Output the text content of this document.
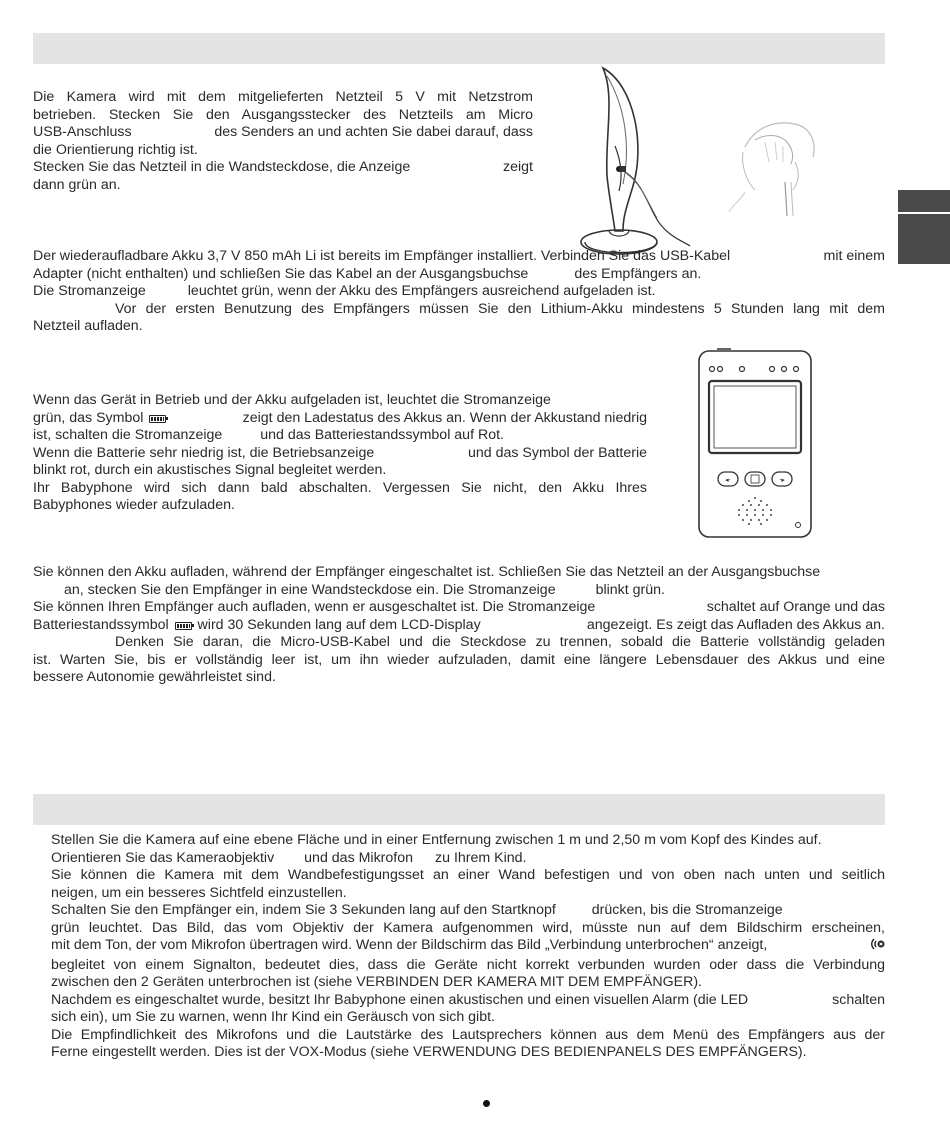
Die Kamera wird mit dem mitgelieferten Netzteil 5 V mit Netzstrom

betrieben. Stecken Sie den Ausgangsstecker des Netzteils am Micro

USB-Anschluss	des Senders an und achten Sie dabei darauf, dass

die Orientierung richtig ist.

Stecken Sie das Netzteil in die Wandsteckdose, die Anzeige	zeigt

dann grün an.

Der wiederaufladbare Akku 3,7 V 850 mAh Li ist bereits im Empfänger installiert. Verbinden Sie das USB-Kabel	mit einem

Adapter (nicht enthalten) und schließen Sie das Kabel an der Ausgangsbuchse	des Empfängers an.

Die Stromanzeige	leuchtet grün, wenn der Akku des Empfängers ausreichend aufgeladen ist.

Vor der ersten Benutzung des Empfängers müssen Sie den Lithium-Akku mindestens 5 Stunden lang mit dem

Netzteil aufladen.

Wenn das Gerät in Betrieb und der Akku aufgeladen ist, leuchtet die Stromanzeige

grün, das Symbol	zeigt den Ladestatus des Akkus an. Wenn der Akkustand niedrig

ist, schalten die Stromanzeige	und das Batteriestandssymbol auf Rot.

Wenn die Batterie sehr niedrig ist, die Betriebsanzeige	und das Symbol der Batterie

blinkt rot, durch ein akustisches Signal begleitet werden.

Ihr Babyphone wird sich dann bald abschalten. Vergessen Sie nicht, den Akku Ihres

Babyphones wieder aufzuladen.

◂·	·▸

Sie können den Akku aufladen, während der Empfänger eingeschaltet ist. Schließen Sie das Netzteil an der Ausgangsbuchse

an, stecken Sie den Empfänger in eine Wandsteckdose ein. Die Stromanzeige	blinkt grün.

Sie können Ihren Empfänger auch aufladen, wenn er ausgeschaltet ist. Die Stromanzeige	schaltet auf Orange und das

Batteriestandssymbol wird 30 Sekunden lang auf dem LCD-Display	angezeigt. Es zeigt das Aufladen des Akkus an.

Denken Sie daran, die Micro-USB-Kabel und die Steckdose zu trennen, sobald die Batterie vollständig geladen

ist. Warten Sie, bis er vollständig leer ist, um ihn wieder aufzuladen, damit eine längere Lebensdauer des Akkus und eine

bessere Autonomie gewährleistet sind.

Stellen Sie die Kamera auf eine ebene Fläche und in einer Entfernung zwischen 1 m und 2,50 m vom Kopf des Kindes auf.

Orientieren Sie das Kameraobjektiv und das Mikrofon zu Ihrem Kind.

Sie können die Kamera mit dem Wandbefestigungsset an einer Wand befestigen und von oben nach unten und seitlich

neigen, um ein besseres Sichtfeld einzustellen.

Schalten Sie den Empfänger ein, indem Sie 3 Sekunden lang auf den Startknopf	drücken, bis die Stromanzeige

grün leuchtet. Das Bild, das vom Objektiv der Kamera aufgenommen wird, müsste nun auf dem Bildschirm erscheinen,

mit dem Ton, der vom Mikrofon übertragen wird. Wenn der Bildschirm das Bild „Verbindung unterbrochen“ anzeigt,

begleitet von einem Signalton, bedeutet dies, dass die Geräte nicht korrekt verbunden wurden oder dass die Verbindung

zwischen den 2 Geräten unterbrochen ist (siehe VERBINDEN DER KAMERA MIT DEM EMPFÄNGER).

Nachdem es eingeschaltet wurde, besitzt Ihr Babyphone einen akustischen und einen visuellen Alarm (die LED	schalten

sich ein), um Sie zu warnen, wenn Ihr Kind ein Geräusch von sich gibt.

Die Empfindlichkeit des Mikrofons und die Lautstärke des Lautsprechers können aus dem Menü des Empfängers aus der

Ferne eingestellt werden. Dies ist der VOX-Modus (siehe VERWENDUNG DES BEDIENPANELS DES EMPFÄNGERS).
